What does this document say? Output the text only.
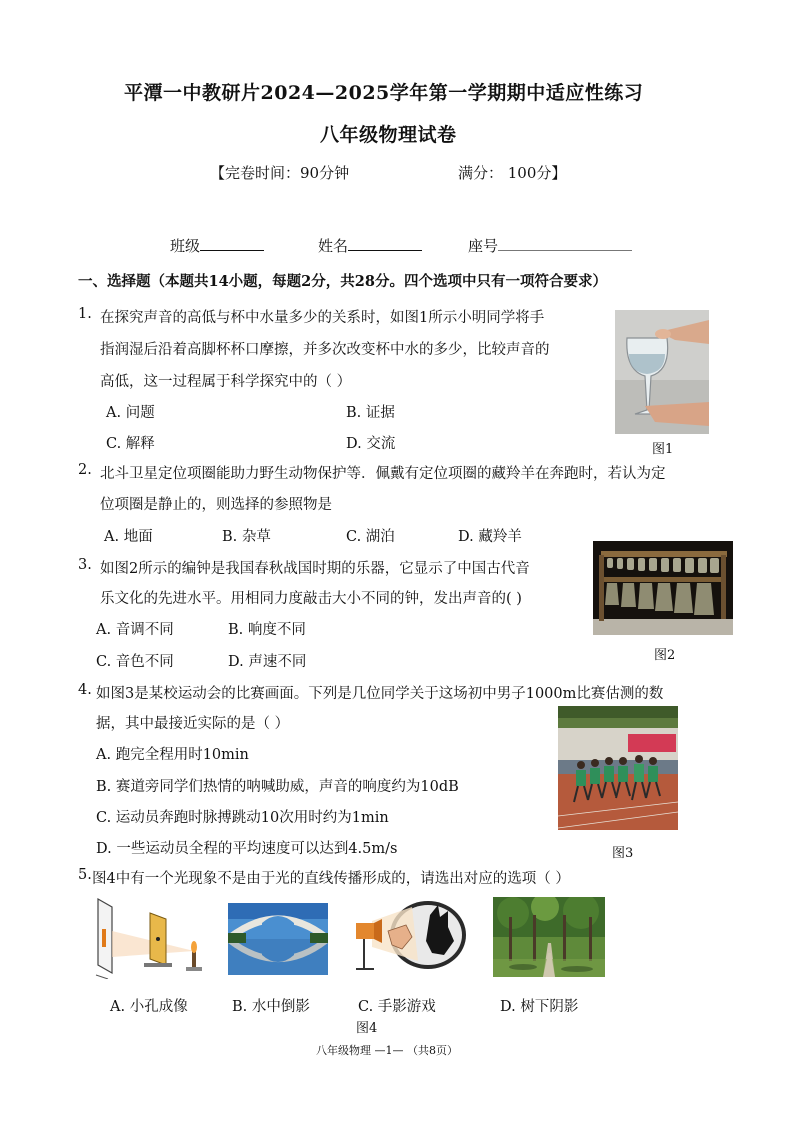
平潭一中教研片2024—2025学年第一学期期中适应性练习
八年级物理试卷
【完卷时间：90分钟	满分： 100分】
班级	姓名	座号
一、选择题（本题共14小题，每题2分，共28分。四个选项中只有一项符合要求）
1. 在探究声音的高低与杯中水量多少的关系时，如图1所示小明同学将手
指润湿后沿着高脚杯杯口摩擦，并多次改变杯中水的多少，比较声音的
高低，这一过程属于科学探究中的（ ）
A. 问题	B. 证据
C. 解释	D. 交流	图1
2. 北斗卫星定位项圈能助力野生动物保护等．佩戴有定位项圈的藏羚羊在奔跑时，若认为定
位项圈是静止的，则选择的参照物是
A. 地面	B. 杂草	C. 湖泊	D. 藏羚羊
3. 如图2所示的编钟是我国春秋战国时期的乐器，它显示了中国古代音
乐文化的先进水平。用相同力度敲击大小不同的钟，发出声音的( )
A. 音调不同	B. 响度不同
C. 音色不同	D. 声速不同	图2
4. 如图3是某校运动会的比赛画面。下列是几位同学关于这场初中男子1000m比赛估测的数
据，其中最接近实际的是（ ）
A. 跑完全程用时10min
B. 赛道旁同学们热情的呐喊助威，声音的响度约为10dB
C. 运动员奔跑时脉搏跳动10次用时约为1min
D. 一些运动员全程的平均速度可以达到4.5m/s	图3
5. 图4中有一个光现象不是由于光的直线传播形成的，请选出对应的选项（ ）
A. 小孔成像	B. 水中倒影	C. 手影游戏	D. 树下阴影
图4
八年级物理 —1— （共8页）
